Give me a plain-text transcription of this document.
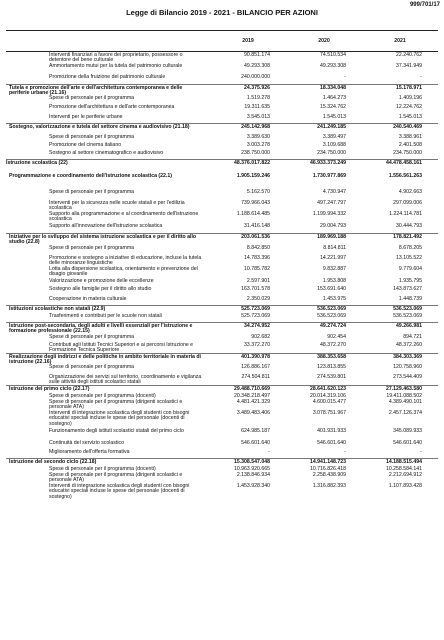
999/701/17
Legge di Bilancio 2019 - 2021 - BILANCIO PER AZIONI
2019	2020	2021
Interventi finanziari a favore dei proprietario, possessore o detentore del bene culturale
90.851.174	74.510.534	22.240.762
Ammortamento mutui per la tutela del patrimonio culturale	49.293.308	49.293.308	37.341.949
Promozione della fruizione del patrimonio culturale	240.000.000	-	-
Tutela e promozione dell'arte e dell'architettura contemporanea e delle periferie urbane (21.16)
24.375.926	18.334.048	15.178.971
Spese di personale per il programma	1.519.278	1.464.273	1.409.196
Promozione dell'architettura e dell'arte contemporanea	19.311.635	15.324.762	12.224.762
Interventi per le periferie urbane	3.545.013	1.545.013	1.545.013
Sostegno, valorizzazione e tutela del settore cinema e audiovisivo (21.18)	245.142.968	241.249.185	240.540.469
Spese di personale per il programma	3.389.630	3.389.497	3.388.961
Promozione del cinema italiano	3.003.278	3.109.688	2.401.508
Sostegno al settore cinematografico e audiovisivo	238.750.000	234.750.000	234.750.000
Istruzione scolastica (22)	48.376.017.822	46.933.373.249	44.478.458.161
Programmazione e coordinamento dell'istruzione scolastica (22.1)	1.905.159.246	1.730.977.869	1.556.561.263
Spese di personale per il programma	5.162.570	4.730.947	4.902.663
Interventi per la sicurezza nelle scuole statali e per l'edilizia scolastica
739.966.043	497.247.797	297.099.006
Supporto alla programmazione e al coordinamento dell'istruzione scolastica
1.188.614.485	1.199.994.332	1.224.114.781
Supporto all'innovazione dell'istruzione scolastica	31.416.148	29.004.793	30.444.793
Iniziative per lo sviluppo del sistema istruzione scolastica e per il diritto allo studio (22.8)
203.061.536	189.969.188	178.821.492
Spese di personale per il programma	8.842.850	8.814.811	8.678.205
Promozione e sostegno a iniziative di educazione, incluse la tutela delle minoranze linguistiche
14.783.396	14.221.997	13.105.522
Lotta alla dispersione scolastica, orientamento e prevenzione del disagio giovanile
10.785.782	9.832.887	9.779.604
Valorizzazione e promozione delle eccellenze	2.597.901	1.953.808	1.935.795
Sostegno alle famiglie per il diritto allo studio	163.701.578	153.691.640	143.873.627
Cooperazione in materia culturale	2.350.029	1.453.975	1.448.739
Istituzioni scolastiche non statali (22.9)	525.723.069	536.523.069	536.523.069
Trasferimenti e contributi per le scuole non statali	525.723.069	536.523.069	536.523.069
Istruzione post-secondaria, degli adulti e livelli essenziali per l'istruzione e formazione professionale (22.15)
34.274.952	49.274.724	49.266.981
Spese di personale per il programma	902.682	902.454	894.721
Contributi agli Istituti Tecnici Superiori e ai percorsi Istruzione e Formazione Tecnica Superiore
33.372.270	48.372.270	48.372.260
Realizzazione degli indirizzi e delle politiche in ambito territoriale in materia di istruzione (22.16)
401.390.978	388.353.658	384.303.369
Spese di personale per il programma	126.886.167	123.813.855	120.758.960
Organizzazione dei servizi sul territorio, coordinamento e vigilanza sulle attività degli istituti scolastici statali
274.504.811	274.539.801	273.544.409
Istruzione del primo ciclo (22.17)	29.488.710.669	28.641.620.123	27.129.463.580
Spese di personale per il programma (docenti)	20.348.218.497	20.014.319.106	19.411.088.502
Spese di personale per il programma (dirigenti scolastici e personale ATA)
4.481.421.329	4.600.015.477	4.389.490.101
Interventi di integrazione scolastica degli studenti con bisogni educativi speciali incluse le spese del personale (docenti di sostegno)
3.489.483.406	3.078.751.967	2.457.126.374
Funzionamento degli istituti scolastici statali del primo ciclo	624.985.187	401.931.933	345.089.933
Continuità del servizio scolastico	546.601.640	546.601.640	546.601.640
Miglioramento dell'offerta formativa	-	-	-
Istruzione del secondo ciclo (22.18)	15.308.547.048	14.941.148.723	14.188.515.494
Spese di personale per il programma (docenti)	10.963.920.665	10.716.826.418	10.258.584.141
Spese di personale per il programma (dirigenti scolastici e personale ATA)
2.138.846.934	2.258.438.909	2.212.694.912
Interventi di integrazione scolastica degli studenti con bisogni educativi speciali incluse le spese del personale (docenti di sostegno)
1.453.928.340	1.316.882.393	1.107.893.428
